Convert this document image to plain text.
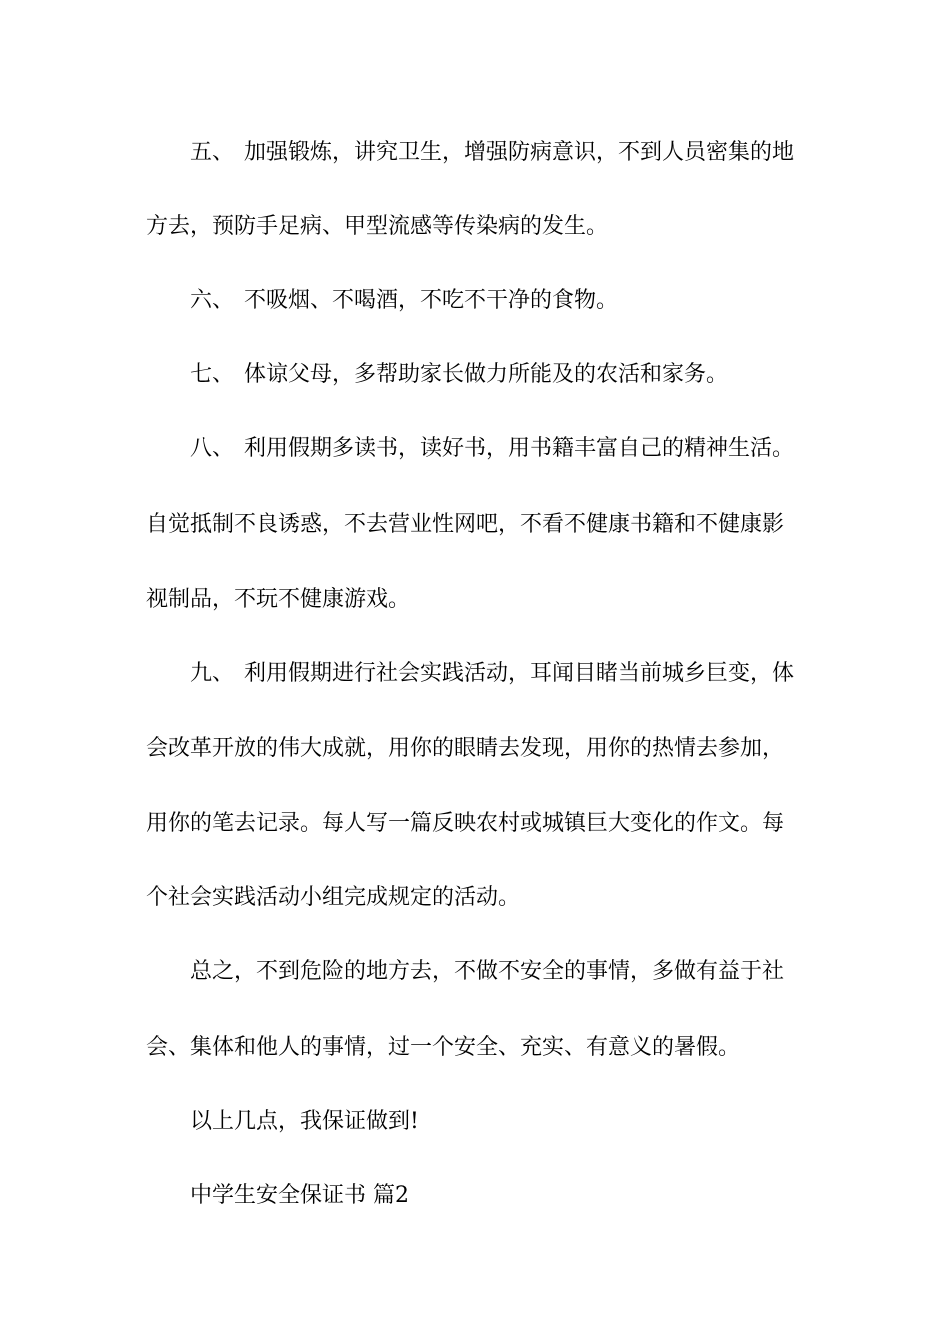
五、 加强锻炼，讲究卫生，增强防病意识，不到人员密集的地
方去，预防手足病、甲型流感等传染病的发生。
六、 不吸烟、不喝酒，不吃不干净的食物。
七、 体谅父母，多帮助家长做力所能及的农活和家务。
八、 利用假期多读书，读好书，用书籍丰富自己的精神生活。
自觉抵制不良诱惑，不去营业性网吧，不看不健康书籍和不健康影
视制品，不玩不健康游戏。
九、 利用假期进行社会实践活动，耳闻目睹当前城乡巨变，体
会改革开放的伟大成就，用你的眼睛去发现，用你的热情去参加，
用你的笔去记录。每人写一篇反映农村或城镇巨大变化的作文。每
个社会实践活动小组完成规定的活动。
总之，不到危险的地方去，不做不安全的事情，多做有益于社
会、集体和他人的事情，过一个安全、充实、有意义的暑假。
以上几点，我保证做到!
中学生安全保证书 篇2
